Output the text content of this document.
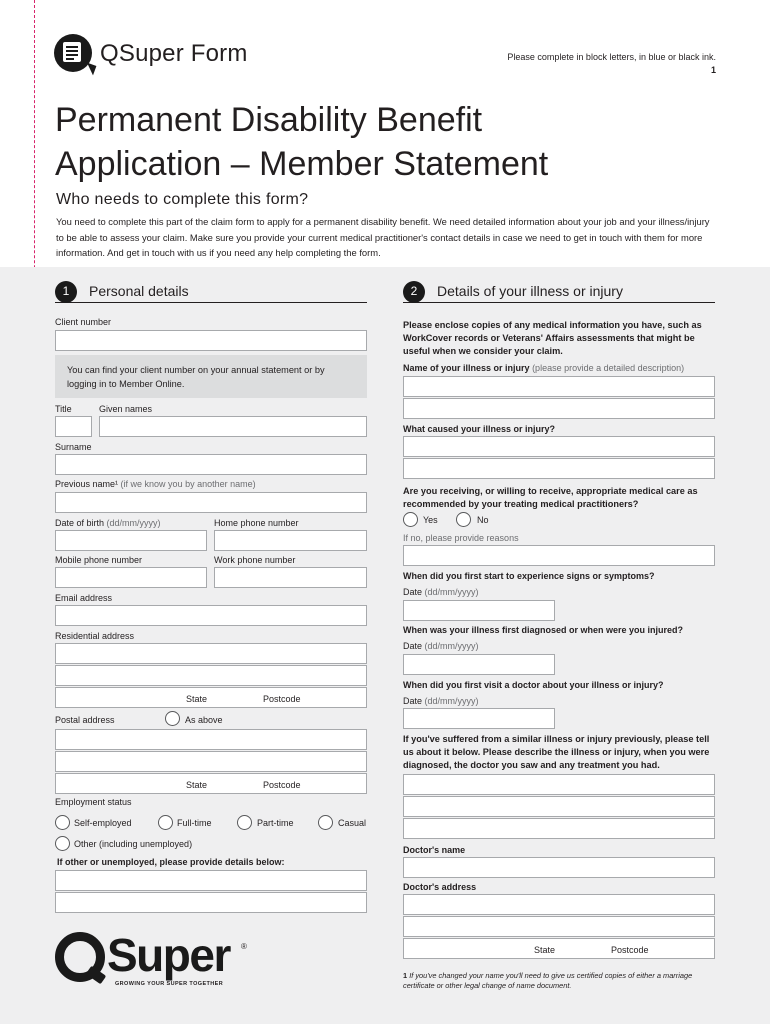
QSuper Form	Please complete in block letters, in blue or black ink.
1
Permanent Disability Benefit
Application – Member Statement
Who needs to complete this form?
You need to complete this part of the claim form to apply for a permanent disability benefit. We need detailed information about your job and your illness/injury to be able to assess your claim. Make sure you provide your current medical practitioner's contact details in case we need to get in touch with them for more information. And get in touch with us if you need any help completing the form.
1	Personal details
Client number
You can find your client number on your annual statement or by logging in to Member Online.
Title	Given names
Surname
Previous name¹ (if we know you by another name)
Date of birth (dd/mm/yyyy)	Home phone number
Mobile phone number	Work phone number
Email address
Residential address
State	Postcode
Postal address	As above
State	Postcode
Employment status
Self-employed	Full-time	Part-time	Casual
Other (including unemployed)
If other or unemployed, please provide details below:
Super ®
GROWING YOUR SUPER TOGETHER
2	Details of your illness or injury
Please enclose copies of any medical information you have, such as WorkCover records or Veterans' Affairs assessments that might be useful when we consider your claim.
Name of your illness or injury (please provide a detailed description)
What caused your illness or injury?
Are you receiving, or willing to receive, appropriate medical care as recommended by your treating medical practitioners?
Yes	No
If no, please provide reasons
When did you first start to experience signs or symptoms?
Date (dd/mm/yyyy)
When was your illness first diagnosed or when were you injured?
Date (dd/mm/yyyy)
When did you first visit a doctor about your illness or injury?
Date (dd/mm/yyyy)
If you've suffered from a similar illness or injury previously, please tell us about it below. Please describe the illness or injury, when you were diagnosed, the doctor you saw and any treatment you had.
Doctor's name
Doctor's address
State	Postcode
1 If you've changed your name you'll need to give us certified copies of either a marriage certificate or other legal change of name document.
